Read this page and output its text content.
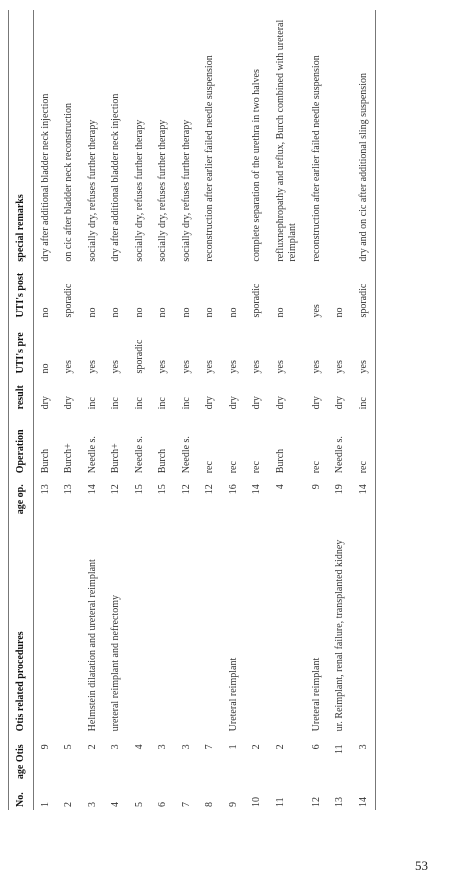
No.	age Otis	Otis related procedures	age op.	Operation	result	UTI's pre	UTI's post	special remarks
1	9		13	Burch	dry	no	no	dry after additional bladder neck injection
2	5		13	Burch+	dry	yes	sporadic	on cic after bladder neck reconstruction
3	2	Helmstein dilatation and ureteral reimplant	14	Needle s.	inc	yes	no	socially dry, refuses further therapy
4	3	ureteral reimplant and nefrectomy	12	Burch+	inc	yes	no	dry after additional bladder neck injection
5	4		15	Needle s.	inc	sporadic	no	socially dry, refuses further therapy
6	3		15	Burch	inc	yes	no	socially dry, refuses further therapy
7	3		12	Needle s.	inc	yes	no	socially dry, refuses further therapy
8	7		12	rec	dry	yes	no	reconstruction after earlier failed needle suspension
9	1	Ureteral reimplant	16	rec	dry	yes	no	
10	2		14	rec	dry	yes	sporadic	complete separation of the urethra in two halves
11	2		4	Burch	dry	yes	no	refluxnephropathy and reflux, Burch combined with ureteral reimplant
12	6	Ureteral reimplant	9	rec	dry	yes	yes	reconstruction after earlier failed needle suspension
13	11	ur. Reimplant, renal failure, transplanted kidney	19	Needle s.	dry	yes	no	
14	3		14	rec	inc	yes	sporadic	dry and on cic after additional sling suspension
53
